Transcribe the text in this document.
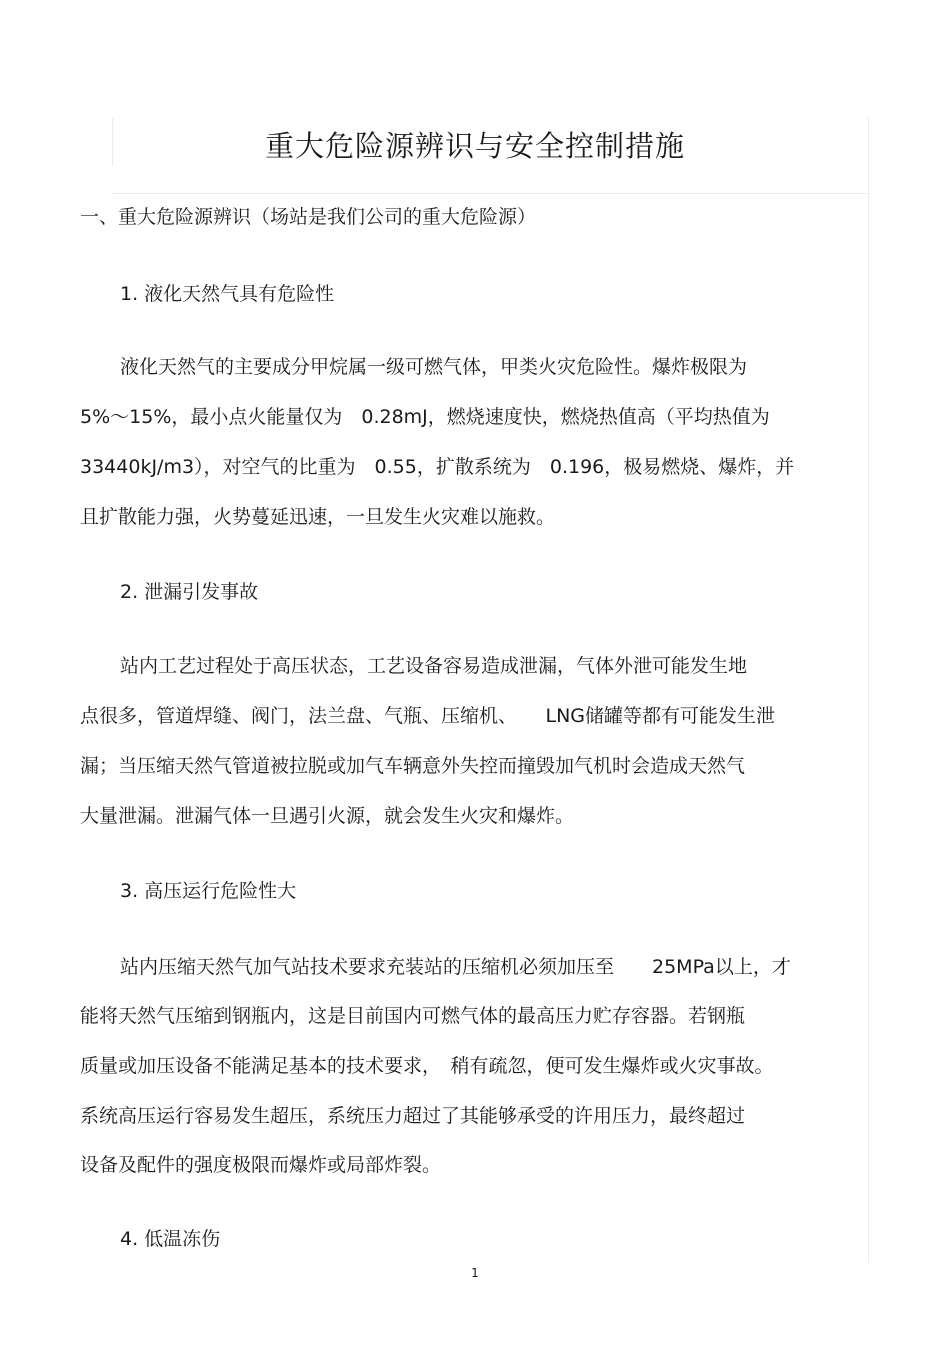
重大危险源辨识与安全控制措施
一、重大危险源辨识（场站是我们公司的重大危险源）
1. 液化天然气具有危险性
液化天然气的主要成分甲烷属一级可燃气体，甲类火灾危险性。爆炸极限为
5%～15%，最小点火能量仅为　0.28mJ，燃烧速度快，燃烧热值高（平均热值为
33440kJ/m3），对空气的比重为　0.55，扩散系统为　0.196，极易燃烧、爆炸，并
且扩散能力强，火势蔓延迅速，一旦发生火灾难以施救。
2. 泄漏引发事故
站内工艺过程处于高压状态，工艺设备容易造成泄漏，气体外泄可能发生地
点很多，管道焊缝、阀门，法兰盘、气瓶、压缩机、　　LNG储罐等都有可能发生泄
漏；当压缩天然气管道被拉脱或加气车辆意外失控而撞毁加气机时会造成天然气
大量泄漏。泄漏气体一旦遇引火源，就会发生火灾和爆炸。
3. 高压运行危险性大
站内压缩天然气加气站技术要求充装站的压缩机必须加压至　　25MPa以上，才
能将天然气压缩到钢瓶内，这是目前国内可燃气体的最高压力贮存容器。若钢瓶
质量或加压设备不能满足基本的技术要求，　稍有疏忽，便可发生爆炸或火灾事故。
系统高压运行容易发生超压，系统压力超过了其能够承受的许用压力，最终超过
设备及配件的强度极限而爆炸或局部炸裂。
4. 低温冻伤
1
